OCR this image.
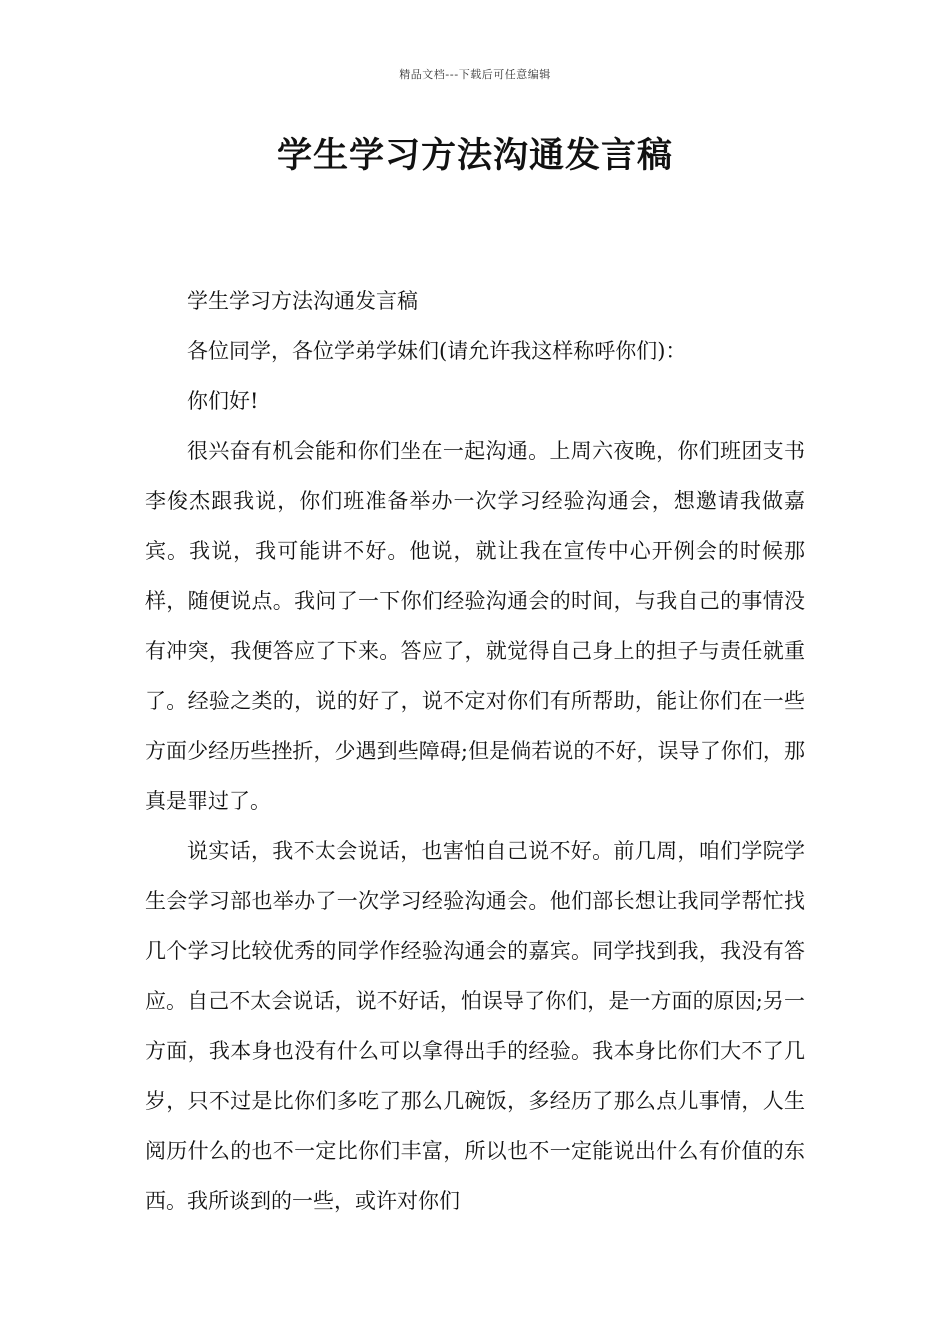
精品文档---下载后可任意编辑
学生学习方法沟通发言稿

学生学习方法沟通发言稿

各位同学，各位学弟学妹们(请允许我这样称呼你们)：

你们好!

很兴奋有机会能和你们坐在一起沟通。上周六夜晚，你们班团支书李俊杰跟我说，你们班准备举办一次学习经验沟通会，想邀请我做嘉宾。我说，我可能讲不好。他说，就让我在宣传中心开例会的时候那样，随便说点。我问了一下你们经验沟通会的时间，与我自己的事情没有冲突，我便答应了下来。答应了，就觉得自己身上的担子与责任就重了。经验之类的，说的好了，说不定对你们有所帮助，能让你们在一些方面少经历些挫折，少遇到些障碍;但是倘若说的不好，误导了你们，那真是罪过了。

说实话，我不太会说话，也害怕自己说不好。前几周，咱们学院学生会学习部也举办了一次学习经验沟通会。他们部长想让我同学帮忙找几个学习比较优秀的同学作经验沟通会的嘉宾。同学找到我，我没有答应。自己不太会说话，说不好话，怕误导了你们，是一方面的原因;另一方面，我本身也没有什么可以拿得出手的经验。我本身比你们大不了几岁，只不过是比你们多吃了那么几碗饭，多经历了那么点儿事情，人生阅历什么的也不一定比你们丰富，所以也不一定能说出什么有价值的东西。我所谈到的一些，或许对你们
